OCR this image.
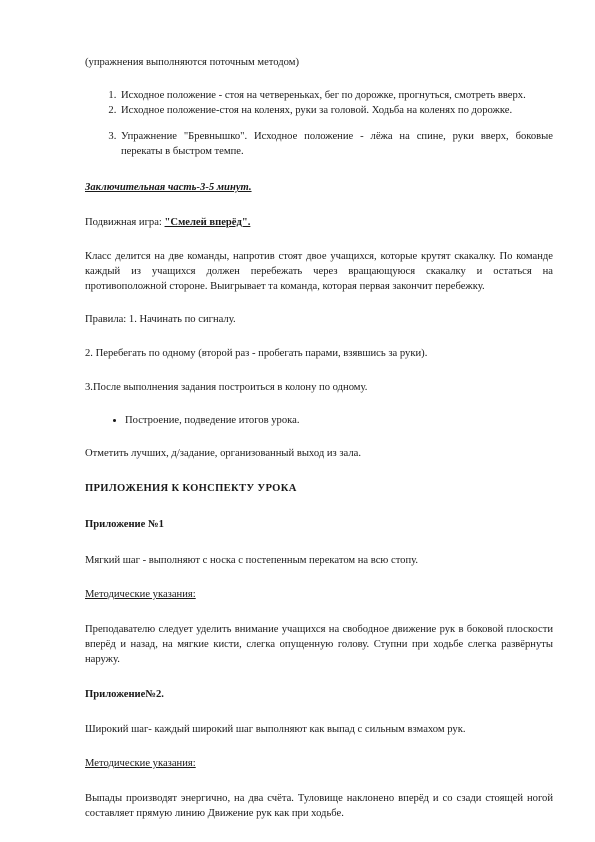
(упражнения выполняются поточным методом)

1. Исходное положение - стоя на четвереньках, бег по дорожке, прогнуться, смотреть вверх.
2. Исходное положение-стоя на коленях, руки за головой. Ходьба на коленях по дорожке.
3. Упражнение "Бревнышко". Исходное положение - лёжа на спине, руки вверх, боковые перекаты в быстром темпе.

Заключительная часть-3-5 минут.

Подвижная игра: "Смелей вперёд".

Класс делится на две команды, напротив стоят двое учащихся, которые крутят скакалку. По команде каждый из учащихся должен перебежать через вращающуюся скакалку и остаться на противоположной стороне. Выигрывает та команда, которая первая закончит перебежку.

Правила: 1. Начинать по сигналу.

2. Перебегать по одному (второй раз - пробегать парами, взявшись за руки).

3.После выполнения задания построиться в колону по одному.

• Построение, подведение итогов урока.

Отметить лучших, д/задание, организованный выход из зала.

ПРИЛОЖЕНИЯ К КОНСПЕКТУ УРОКА

Приложение №1

Мягкий шаг - выполняют с носка с постепенным перекатом на всю стопу.

Методические указания:

Преподавателю следует уделить внимание учащихся на свободное движение рук в боковой плоскости вперёд и назад, на мягкие кисти, слегка опущенную голову. Ступни при ходьбе слегка развёрнуты наружу.

Приложение№2.

Широкий шаг- каждый широкий шаг выполняют как выпад с сильным взмахом рук.

Методические указания:

Выпады производят энергично, на два счёта. Туловище наклонено вперёд и со сзади стоящей ногой составляет прямую линию Движение рук как при ходьбе.
